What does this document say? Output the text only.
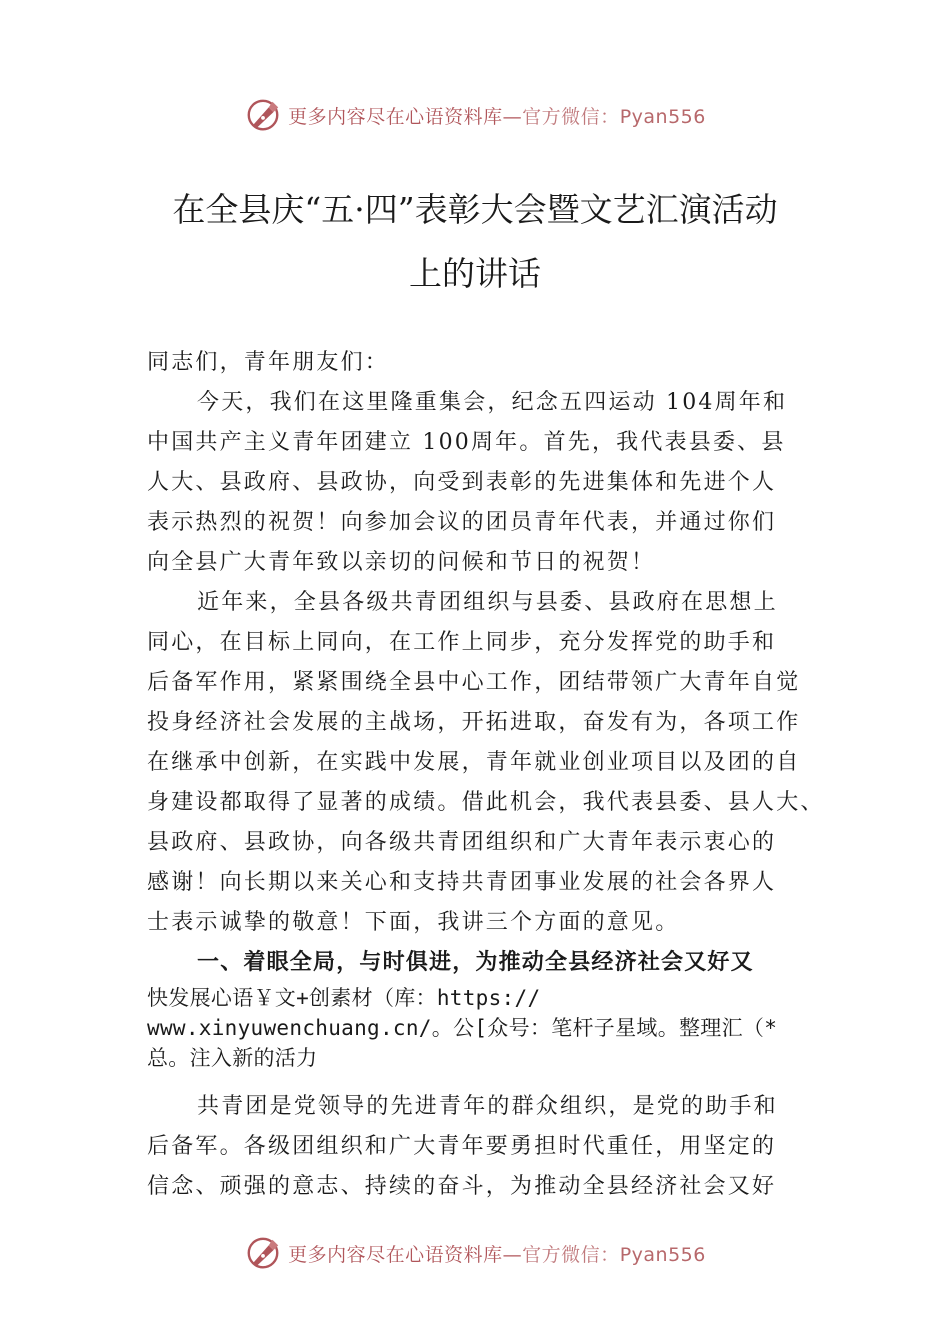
更多内容尽在心语资料库—官方微信：Pyan556
在全县庆“五·四”表彰大会暨文艺汇演活动
上的讲话
同志们，青年朋友们：
今天，我们在这里隆重集会，纪念五四运动 104周年和
中国共产主义青年团建立 100周年。首先，我代表县委、县
人大、县政府、县政协，向受到表彰的先进集体和先进个人
表示热烈的祝贺！向参加会议的团员青年代表，并通过你们
向全县广大青年致以亲切的问候和节日的祝贺！
近年来，全县各级共青团组织与县委、县政府在思想上
同心，在目标上同向，在工作上同步，充分发挥党的助手和
后备军作用，紧紧围绕全县中心工作，团结带领广大青年自觉
投身经济社会发展的主战场，开拓进取，奋发有为，各项工作
在继承中创新，在实践中发展，青年就业创业项目以及团的自
身建设都取得了显著的成绩。借此机会，我代表县委、县人大、
县政府、县政协，向各级共青团组织和广大青年表示衷心的
感谢！向长期以来关心和支持共青团事业发展的社会各界人
士表示诚挚的敬意！下面，我讲三个方面的意见。
一、着眼全局，与时俱进，为推动全县经济社会又好又
快发展心语￥文+创素材（库：https://
www.xinyuwenchuang.cn/。公[众号：笔杆子星域。整理汇（*
总。注入新的活力
共青团是党领导的先进青年的群众组织，是党的助手和
后备军。各级团组织和广大青年要勇担时代重任，用坚定的
信念、顽强的意志、持续的奋斗，为推动全县经济社会又好
更多内容尽在心语资料库—官方微信：Pyan556
